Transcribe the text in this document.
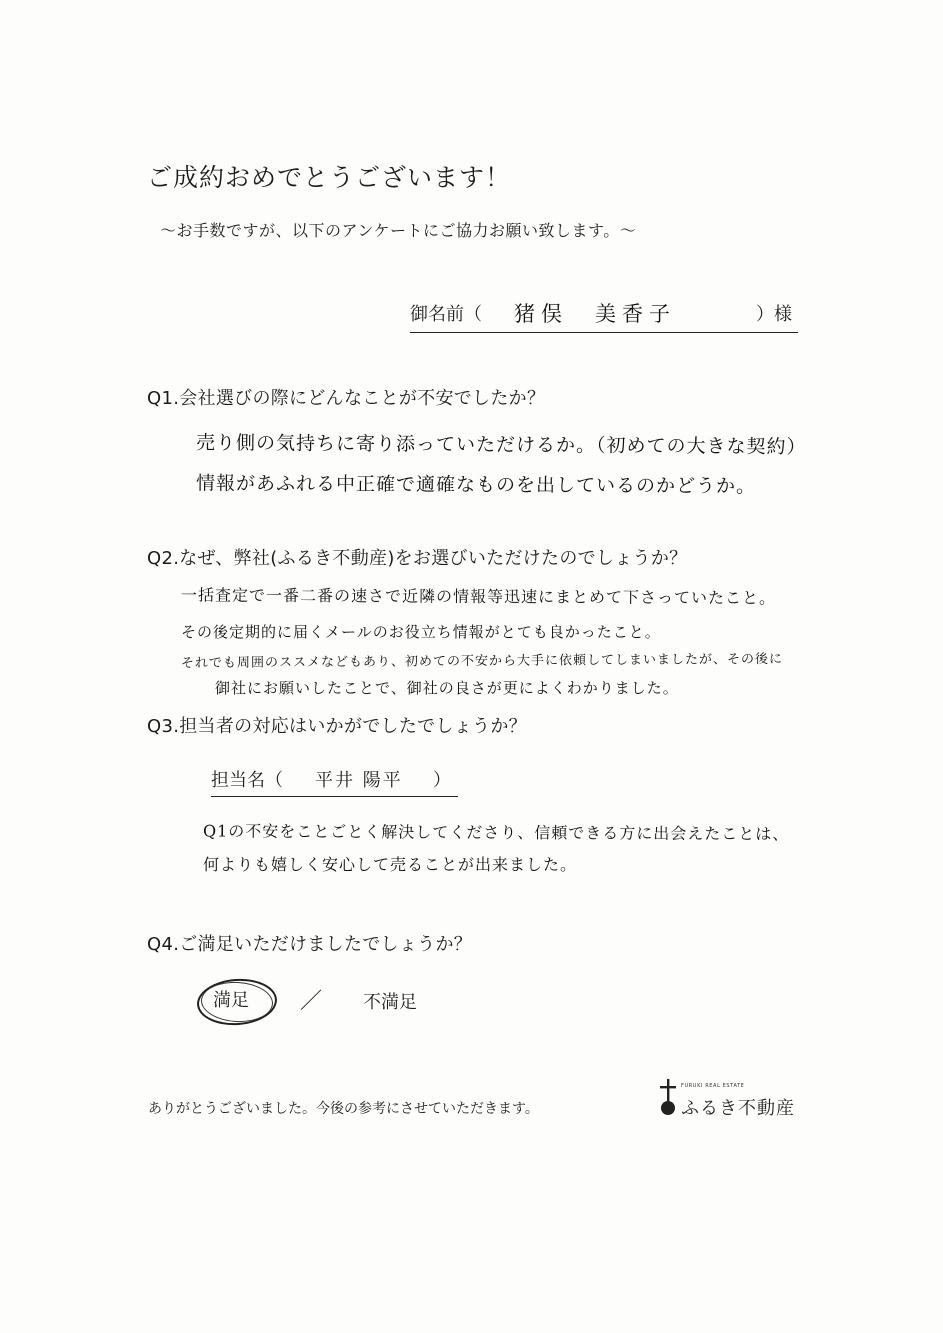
ご成約おめでとうございます！
～お手数ですが、以下のアンケートにご協力お願い致します。～
御名前（ 猪俣　美香子	）様
Q1.会社選びの際にどんなことが不安でしたか？
売り側の気持ちに寄り添っていただけるか。（初めての大きな契約）
情報があふれる中正確で適確なものを出しているのかどうか。
Q2.なぜ、弊社(ふるき不動産)をお選びいただけたのでしょうか？
一括査定で一番二番の速さで近隣の情報等迅速にまとめて下さっていたこと。
その後定期的に届くメールのお役立ち情報がとても良かったこと。
それでも周囲のススメなどもあり、初めての不安から大手に依頼してしまいましたが、その後に
御社にお願いしたことで、御社の良さが更によくわかりました。
Q3.担当者の対応はいかがでしたでしょうか？
担当名（ 平井 陽平 ）
Q1の不安をことごとく解決してくださり、信頼できる方に出会えたことは、
何よりも嬉しく安心して売ることが出来ました。
Q4.ご満足いただけましたでしょうか？
満足 ／ 不満足
ありがとうございました。今後の参考にさせていただきます。
FURUKI REAL ESTATE
ふるき不動産
